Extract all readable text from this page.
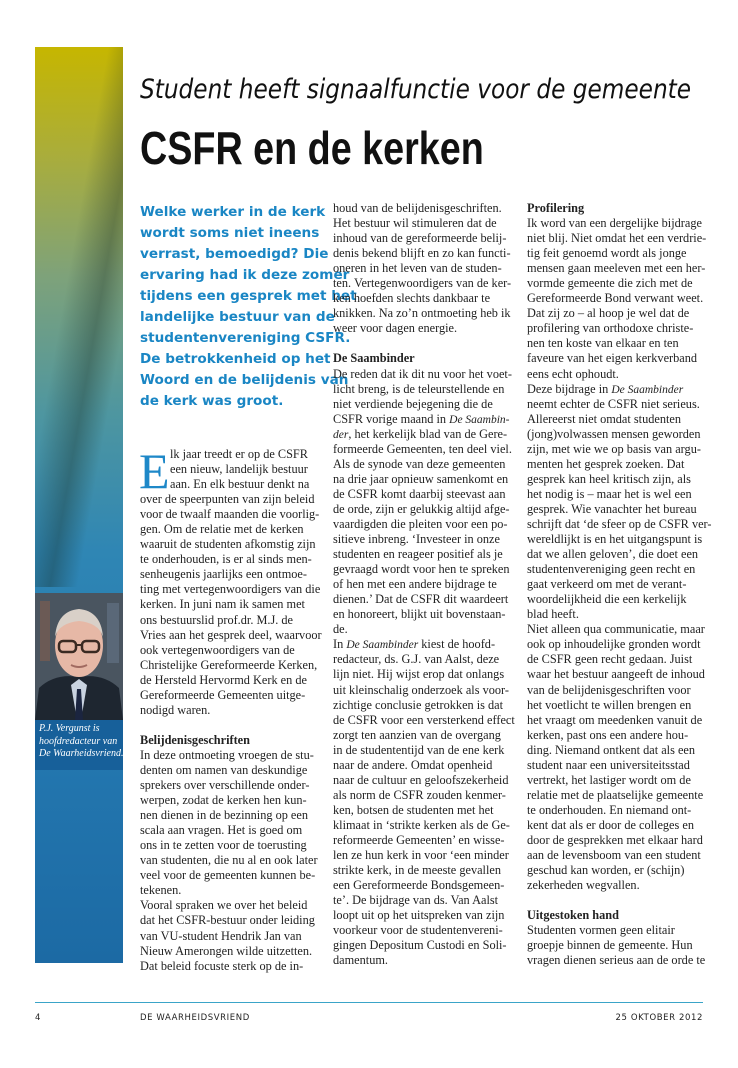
P.J. Vergunst is
hoofdredacteur van
De Waarheidsvriend.
Student heeft signaalfunctie voor de gemeente
CSFR en de kerken
Welke werker in de kerk
wordt soms niet ineens
verrast, bemoedigd? Die
ervaring had ik deze zomer
tijdens een gesprek met het
landelijke bestuur van de
studentenvereniging CSFR.
De betrokkenheid op het
Woord en de belijdenis van
de kerk was groot.
E lk jaar treedt er op de CSFR
een nieuw, landelijk bestuur
aan. En elk bestuur denkt na
over de speerpunten van zijn beleid
voor de twaalf maanden die voorlig-
gen. Om de relatie met de kerken
waaruit de studenten afkomstig zijn
te onderhouden, is er al sinds men-
senheugenis jaarlijks een ontmoe-
ting met vertegenwoordigers van die
kerken. In juni nam ik samen met
ons bestuurslid prof.dr. M.J. de
Vries aan het gesprek deel, waarvoor
ook vertegenwoordigers van de
Christelijke Gereformeerde Kerken,
de Hersteld Hervormd Kerk en de
Gereformeerde Gemeenten uitge-
nodigd waren.
Belijdenisgeschriften
In deze ontmoeting vroegen de stu-
denten om namen van deskundige
sprekers over verschillende onder-
werpen, zodat de kerken hen kun-
nen dienen in de bezinning op een
scala aan vragen. Het is goed om
ons in te zetten voor de toerusting
van studenten, die nu al en ook later
veel voor de gemeenten kunnen be-
tekenen.
Vooral spraken we over het beleid
dat het CSFR-bestuur onder leiding
van VU-student Hendrik Jan van
Nieuw Amerongen wilde uitzetten.
Dat beleid focuste sterk op de in-
houd van de belijdenisgeschriften.
Het bestuur wil stimuleren dat de
inhoud van de gereformeerde belij-
denis bekend blijft en zo kan functi-
oneren in het leven van de studen-
ten. Vertegenwoordigers van de ker-
ken hoefden slechts dankbaar te
knikken. Na zo’n ontmoeting heb ik
weer voor dagen energie.
De Saambinder
De reden dat ik dit nu voor het voet-
licht breng, is de teleurstellende en
niet verdiende bejegening die de
CSFR vorige maand in De Saambin-
der, het kerkelijk blad van de Gere-
formeerde Gemeenten, ten deel viel.
Als de synode van deze gemeenten
na drie jaar opnieuw samenkomt en
de CSFR komt daarbij steevast aan
de orde, zijn er gelukkig altijd afge-
vaardigden die pleiten voor een po-
sitieve inbreng. ‘Investeer in onze
studenten en reageer positief als je
gevraagd wordt voor hen te spreken
of hen met een andere bijdrage te
dienen.’ Dat de CSFR dit waardeert
en honoreert, blijkt uit bovenstaan-
de.
In De Saambinder kiest de hoofd-
redacteur, ds. G.J. van Aalst, deze
lijn niet. Hij wijst erop dat onlangs
uit kleinschalig onderzoek als voor-
zichtige conclusie getrokken is dat
de CSFR voor een versterkend effect
zorgt ten aanzien van de overgang
in de studententijd van de ene kerk
naar de andere. Omdat openheid
naar de cultuur en geloofszekerheid
als norm de CSFR zouden kenmer-
ken, botsen de studenten met het
klimaat in ‘strikte kerken als de Ge-
reformeerde Gemeenten’ en wisse-
len ze hun kerk in voor ‘een minder
strikte kerk, in de meeste gevallen
een Gereformeerde Bondsgemeen-
te’. De bijdrage van ds. Van Aalst
loopt uit op het uitspreken van zijn
voorkeur voor de studentenvereni-
gingen Depositum Custodi en Soli-
damentum.
Profilering
Ik word van een dergelijke bijdrage
niet blij. Niet omdat het een verdrie-
tig feit genoemd wordt als jonge
mensen gaan meeleven met een her-
vormde gemeente die zich met de
Gereformeerde Bond verwant weet.
Dat zij zo – al hoop je wel dat de
profilering van orthodoxe christe-
nen ten koste van elkaar en ten
faveure van het eigen kerkverband
eens echt ophoudt.
Deze bijdrage in De Saambinder
neemt echter de CSFR niet serieus.
Allereerst niet omdat studenten
(jong)volwassen mensen geworden
zijn, met wie we op basis van argu-
menten het gesprek zoeken. Dat
gesprek kan heel kritisch zijn, als
het nodig is – maar het is wel een
gesprek. Wie vanachter het bureau
schrijft dat ‘de sfeer op de CSFR ver-
wereldlijkt is en het uitgangspunt is
dat we allen geloven’, die doet een
studentenvereniging geen recht en
gaat verkeerd om met de verant-
woordelijkheid die een kerkelijk
blad heeft.
Niet alleen qua communicatie, maar
ook op inhoudelijke gronden wordt
de CSFR geen recht gedaan. Juist
waar het bestuur aangeeft de inhoud
van de belijdenisgeschriften voor
het voetlicht te willen brengen en
het vraagt om meedenken vanuit de
kerken, past ons een andere hou-
ding. Niemand ontkent dat als een
student naar een universiteitsstad
vertrekt, het lastiger wordt om de
relatie met de plaatselijke gemeente
te onderhouden. En niemand ont-
kent dat als er door de colleges en
door de gesprekken met elkaar hard
aan de levensboom van een student
geschud kan worden, er (schijn)
zekerheden wegvallen.
Uitgestoken hand
Studenten vormen geen elitair
groepje binnen de gemeente. Hun
vragen dienen serieus aan de orde te
4	DE WAARHEIDSVRIEND	25 OKTOBER 2012
